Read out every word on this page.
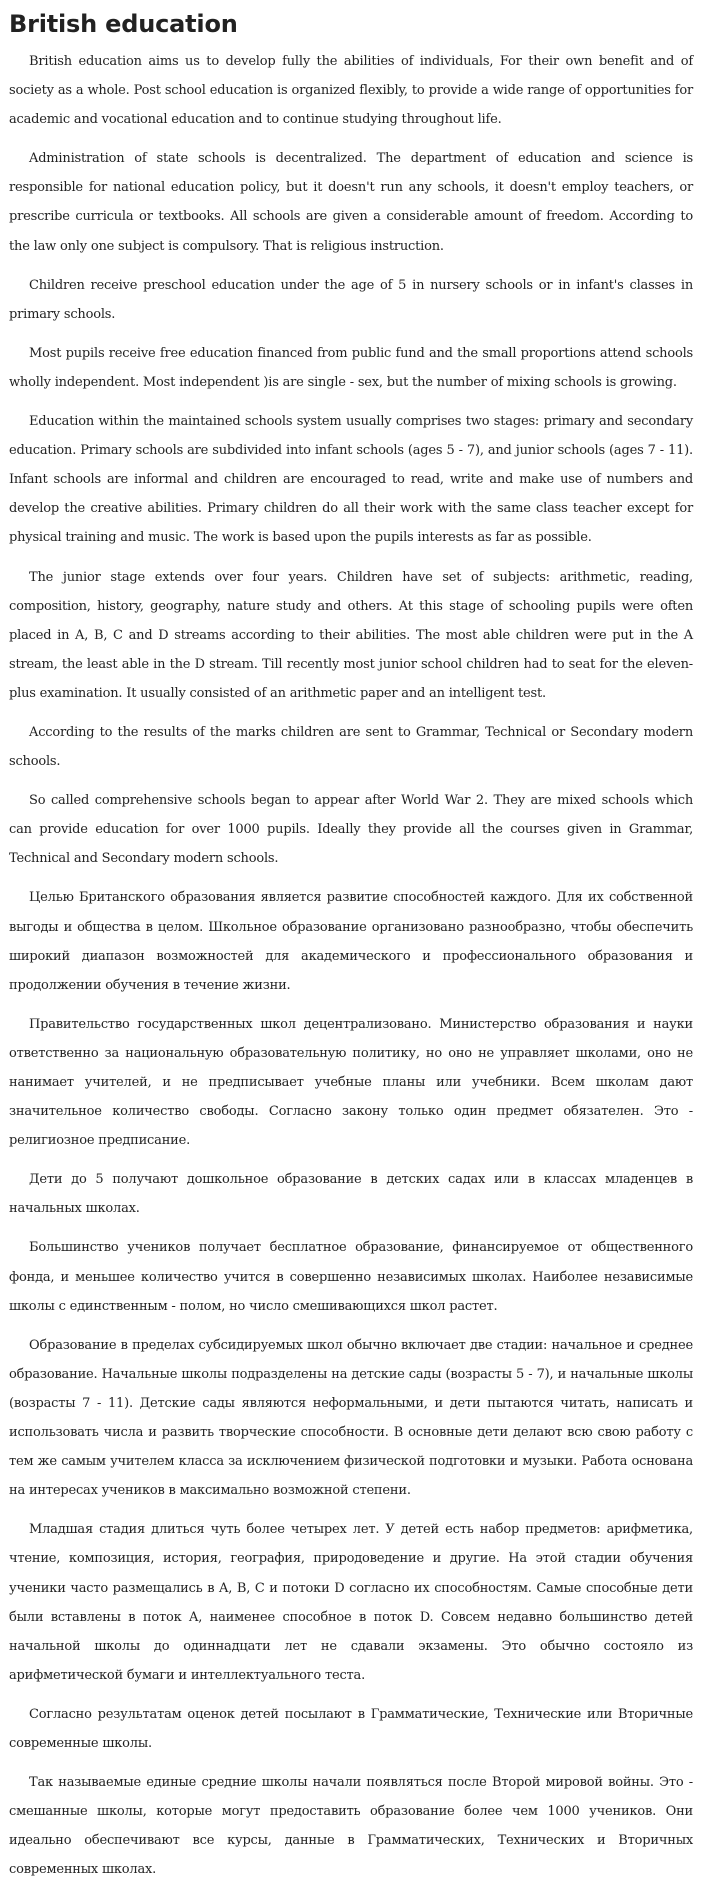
British education

British education aims us to develop fully the abilities of individuals, For their own benefit and of society as a whole. Post school education is organized flexibly, to provide a wide range of opportunities for academic and vocational education and to continue studying throughout life.

Administration of state schools is decentralized. The department of education and science is responsible for national education policy, but it doesn't run any schools, it doesn't employ teachers, or prescribe curricula or textbooks. All schools are given a considerable amount of freedom. According to the law only one subject is compulsory. That is religious instruction.

Children receive preschool education under the age of 5 in nursery schools or in infant's classes in primary schools.

Most pupils receive free education financed from public fund and the small proportions attend schools wholly independent. Most independent )is are single - sex, but the number of mixing schools is growing.

Education within the maintained schools system usually comprises two stages: primary and secondary education. Primary schools are subdivided into infant schools (ages 5 - 7), and junior schools (ages 7 - 11). Infant schools are informal and children are encouraged to read, write and make use of numbers and develop the creative abilities. Primary children do all their work with the same class teacher except for physical training and music. The work is based upon the pupils interests as far as possible.

The junior stage extends over four years. Children have set of subjects: arithmetic, reading, composition, history, geography, nature study and others. At this stage of schooling pupils were often placed in A, B, C and D streams according to their abilities. The most able children were put in the A stream, the least able in the D stream. Till recently most junior school children had to seat for the eleven-plus examination. It usually consisted of an arithmetic paper and an intelligent test.

According to the results of the marks children are sent to Grammar, Technical or Secondary modern schools.

So called comprehensive schools began to appear after World War 2. They are mixed schools which can provide education for over 1000 pupils. Ideally they provide all the courses given in Grammar, Technical and Secondary modern schools.

Целью Британского образования является развитие способностей каждого. Для их собственной выгоды и общества в целом. Школьное образование организовано разнообразно, чтобы обеспечить широкий диапазон возможностей для академического и профессионального образования и продолжении обучения в течение жизни.

Правительство государственных школ децентрализовано. Министерство образования и науки ответственно за национальную образовательную политику, но оно не управляет школами, оно не нанимает учителей, и не предписывает учебные планы или учебники. Всем школам дают значительное количество свободы. Согласно закону только один предмет обязателен. Это - религиозное предписание.

Дети до 5 получают дошкольное образование в детских садах или в классах младенцев в начальных школах.

Большинство учеников получает бесплатное образование, финансируемое от общественного фонда, и меньшее количество учится в совершенно независимых школах. Наиболее независимые школы с единственным - полом, но число смешивающихся школ растет.

Образование в пределах субсидируемых школ обычно включает две стадии: начальное и среднее образование. Начальные школы подразделены на детские сады (возрасты 5 - 7), и начальные школы (возрасты 7 - 11). Детские сады являются неформальными, и дети пытаются читать, написать и использовать числа и развить творческие способности. В основные дети делают всю свою работу с тем же самым учителем класса за исключением физической подготовки и музыки. Работа основана на интересах учеников в максимально возможной степени.

Младшая стадия длиться чуть более четырех лет. У детей есть набор предметов: арифметика, чтение, композиция, история, география, природоведение и другие. На этой стадии обучения ученики часто размещались в A, B, C и потоки D согласно их способностям. Самые способные дети были вставлены в поток A, наименее способное в поток D. Совсем недавно большинство детей начальной школы до одиннадцати лет не сдавали экзамены. Это обычно состояло из арифметической бумаги и интеллектуального теста.

Согласно результатам оценок детей посылают в Грамматические, Технические или Вторичные современные школы.

Так называемые единые средние школы начали появляться после Второй мировой войны. Это - смешанные школы, которые могут предоставить образование более чем 1000 учеников. Они идеально обеспечивают все курсы, данные в Грамматических, Технических и Вторичных современных школах.
